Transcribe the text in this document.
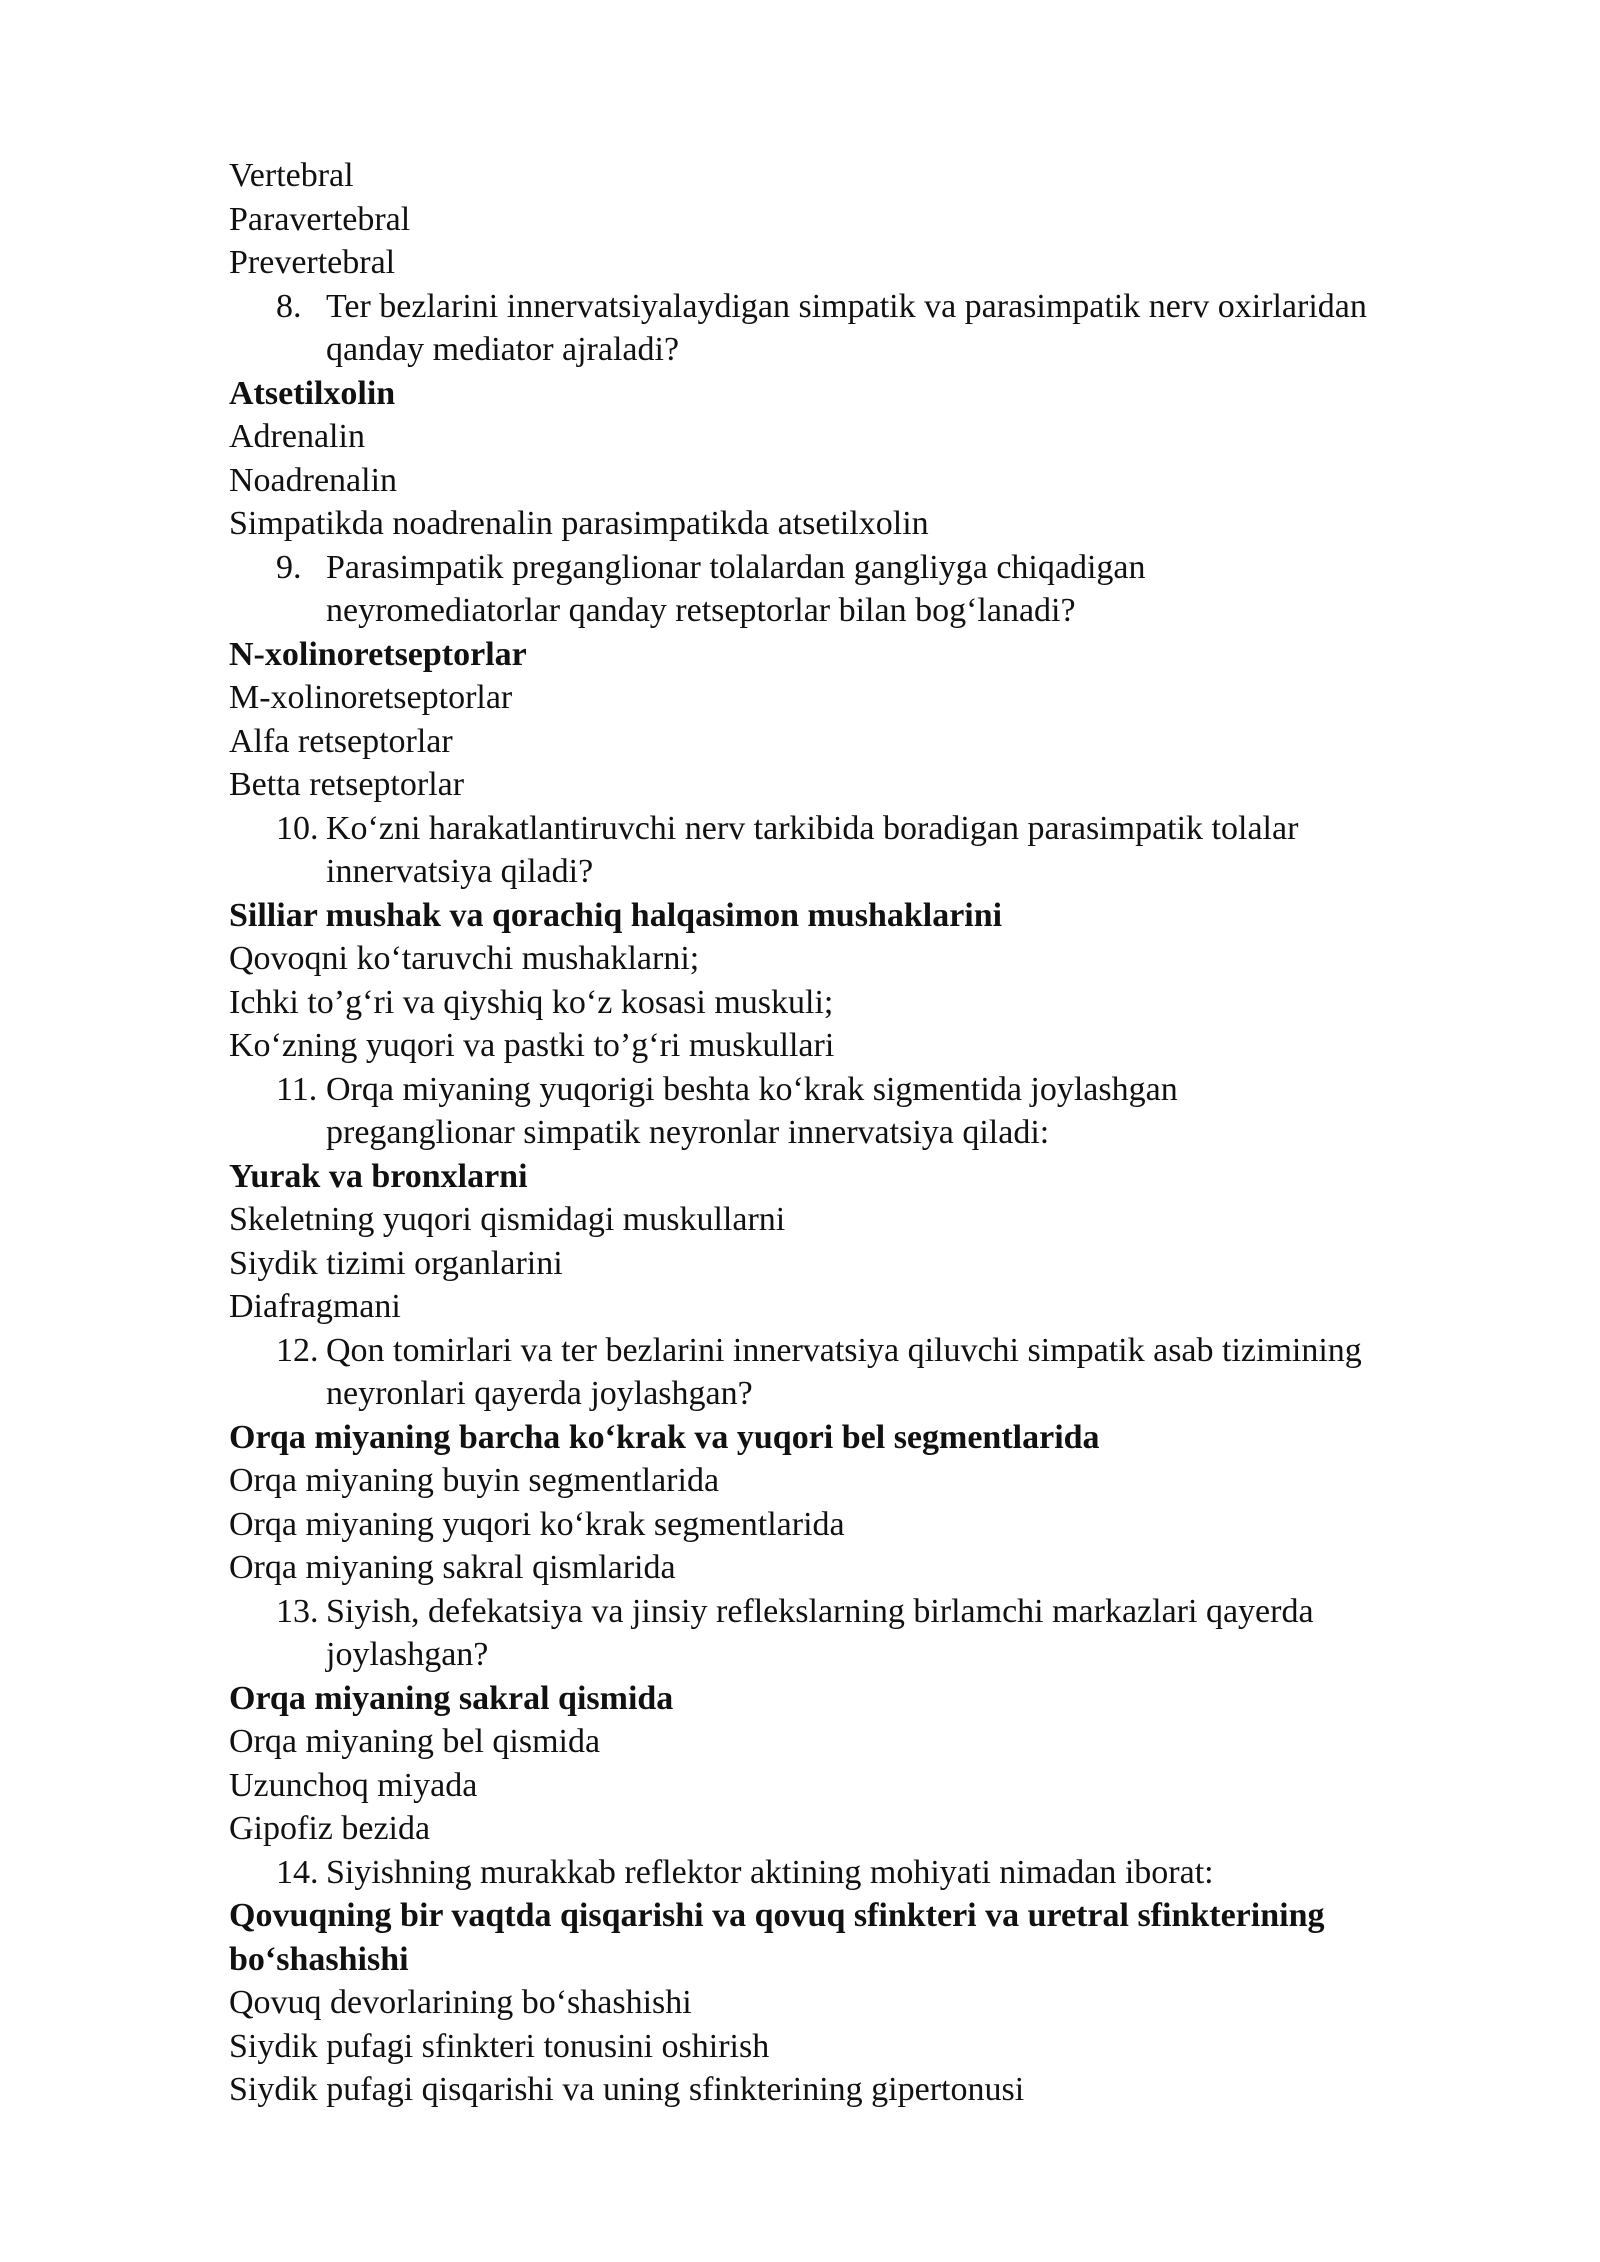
Vertebral

Paravertebral

Prevertebral

8. Ter bezlarini innervatsiyalaydigan simpatik va parasimpatik nerv oxirlaridan
qanday mediator ajraladi?

Atsetilxolin

Adrenalin

Noadrenalin

Simpatikda noadrenalin parasimpatikda atsetilxolin

9. Parasimpatik preganglionar tolalardan gangliyga chiqadigan
neyromediatorlar qanday retseptorlar bilan bog‘lanadi?

N-xolinoretseptorlar

M-xolinoretseptorlar

Alfa retseptorlar

Betta retseptorlar

10. Ko‘zni harakatlantiruvchi nerv tarkibida boradigan parasimpatik tolalar
innervatsiya qiladi?

Silliar mushak va qorachiq halqasimon mushaklarini

Qovoqni ko‘taruvchi mushaklarni;

Ichki to’g‘ri va qiyshiq ko‘z kosasi muskuli;

Ko‘zning yuqori va pastki to’g‘ri muskullari

11. Orqa miyaning yuqorigi beshta ko‘krak sigmentida joylashgan
preganglionar simpatik neyronlar innervatsiya qiladi:

Yurak va bronxlarni

Skeletning yuqori qismidagi muskullarni

Siydik tizimi organlarini

Diafragmani

12. Qon tomirlari va ter bezlarini innervatsiya qiluvchi simpatik asab tizimining
neyronlari qayerda joylashgan?

Orqa miyaning barcha ko‘krak va yuqori bel segmentlarida

Orqa miyaning buyin segmentlarida

Orqa miyaning yuqori ko‘krak segmentlarida

Orqa miyaning sakral qismlarida

13. Siyish, defekatsiya va jinsiy reflekslarning birlamchi markazlari qayerda
joylashgan?

Orqa miyaning sakral qismida

Orqa miyaning bel qismida

Uzunchoq miyada

Gipofiz bezida

14. Siyishning murakkab reflektor aktining mohiyati nimadan iborat:

Qovuqning bir vaqtda qisqarishi va qovuq sfinkteri va uretral sfinkterining

bo‘shashishi

Qovuq devorlarining bo‘shashishi

Siydik pufagi sfinkteri tonusini oshirish

Siydik pufagi qisqarishi va uning sfinkterining gipertonusi
